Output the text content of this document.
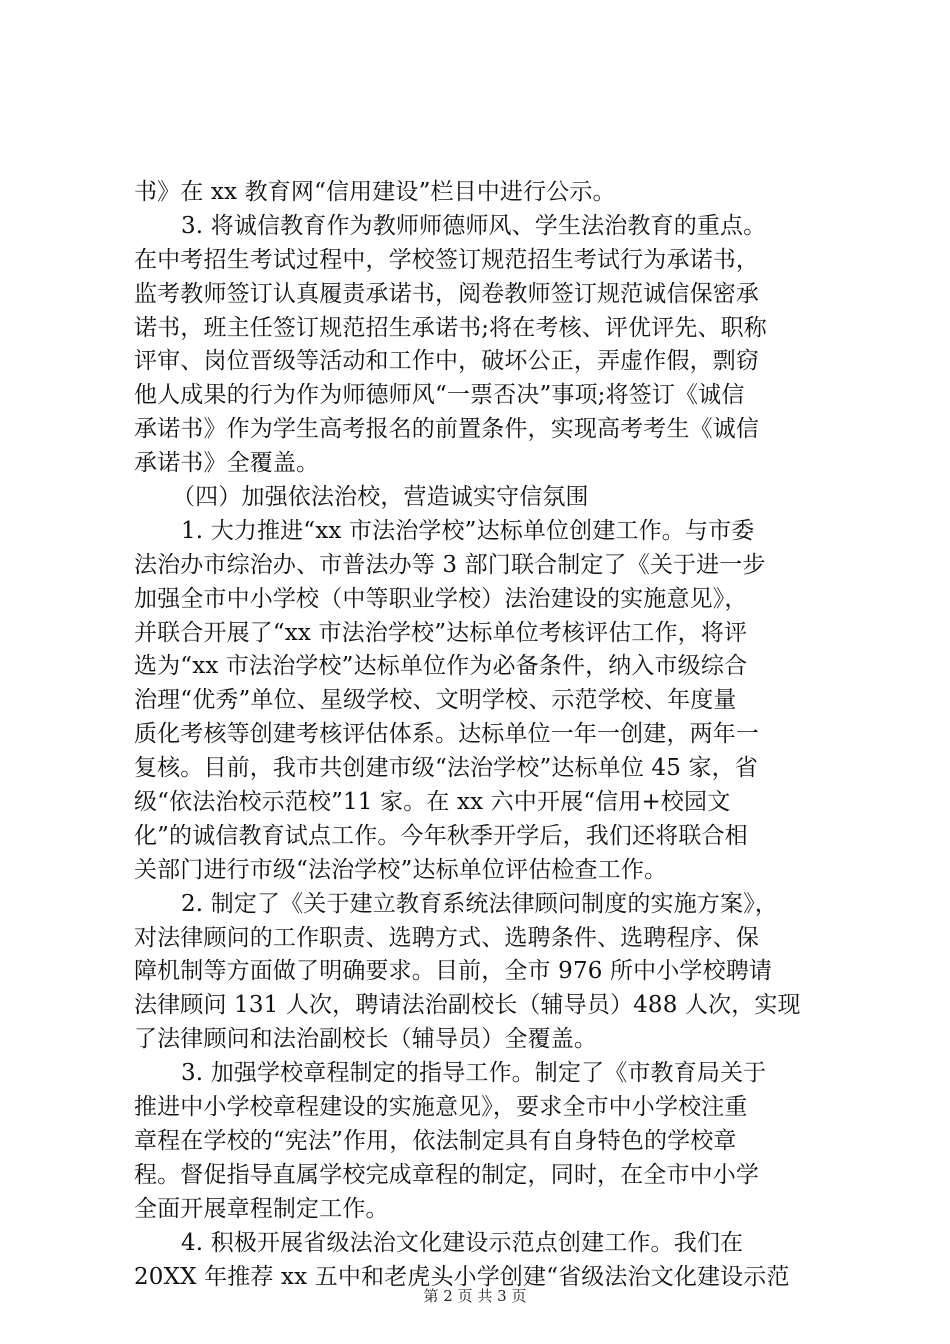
书》在 xx 教育网“信用建设”栏目中进行公示。
3. 将诚信教育作为教师师德师风、学生法治教育的重点。
在中考招生考试过程中，学校签订规范招生考试行为承诺书，
监考教师签订认真履责承诺书，阅卷教师签订规范诚信保密承
诺书，班主任签订规范招生承诺书;将在考核、评优评先、职称
评审、岗位晋级等活动和工作中，破坏公正，弄虚作假，剽窃
他人成果的行为作为师德师风“一票否决”事项;将签订《诚信
承诺书》作为学生高考报名的前置条件，实现高考考生《诚信
承诺书》全覆盖。
（四）加强依法治校，营造诚实守信氛围
1. 大力推进“xx 市法治学校”达标单位创建工作。与市委
法治办市综治办、市普法办等 3 部门联合制定了《关于进一步
加强全市中小学校（中等职业学校）法治建设的实施意见》，
并联合开展了“xx 市法治学校”达标单位考核评估工作，将评
选为“xx 市法治学校”达标单位作为必备条件，纳入市级综合
治理“优秀”单位、星级学校、文明学校、示范学校、年度量
质化考核等创建考核评估体系。达标单位一年一创建，两年一
复核。目前，我市共创建市级“法治学校”达标单位 45 家，省
级“依法治校示范校”11 家。在 xx 六中开展“信用+校园文
化”的诚信教育试点工作。今年秋季开学后，我们还将联合相
关部门进行市级“法治学校”达标单位评估检查工作。
2. 制定了《关于建立教育系统法律顾问制度的实施方案》，
对法律顾问的工作职责、选聘方式、选聘条件、选聘程序、保
障机制等方面做了明确要求。目前，全市 976 所中小学校聘请
法律顾问 131 人次，聘请法治副校长（辅导员）488 人次，实现
了法律顾问和法治副校长（辅导员）全覆盖。
3. 加强学校章程制定的指导工作。制定了《市教育局关于
推进中小学校章程建设的实施意见》，要求全市中小学校注重
章程在学校的“宪法”作用，依法制定具有自身特色的学校章
程。督促指导直属学校完成章程的制定，同时，在全市中小学
全面开展章程制定工作。
4. 积极开展省级法治文化建设示范点创建工作。我们在
20XX 年推荐 xx 五中和老虎头小学创建“省级法治文化建设示范
第 2 页 共 3 页
